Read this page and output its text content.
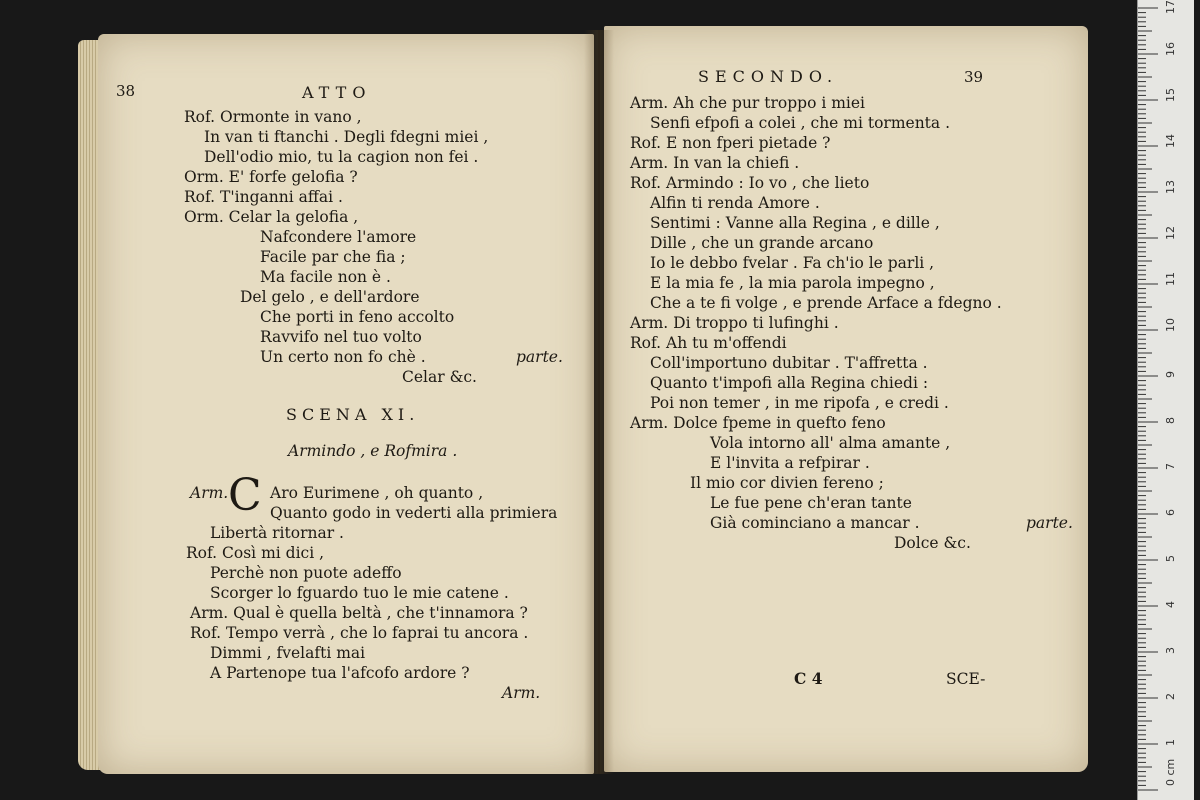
38	ATTO
Rof. Ormonte in vano ,
In van ti ftanchi . Degli fdegni miei ,
Dell'odio mio, tu la cagion non fei .
Orm. E' forfe gelofia ?
Rof. T'inganni affai .
Orm. Celar la gelofia ,
Nafcondere l'amore
Facile par che fia ;
Ma facile non è .
Del gelo , e dell'ardore
Che porti in feno accolto
Ravvifo nel tuo volto
Un certo non fo chè .	parte.
Celar &c.
SCENA XI.
Armindo , e Rofmira .
Arm. C Aro Eurimene , oh quanto ,
Quanto godo in vederti alla primiera
Libertà ritornar .
Rof. Così mi dici ,
Perchè non puote adeffo
Scorger lo fguardo tuo le mie catene .
Arm. Qual è quella beltà , che t'innamora ?
Rof. Tempo verrà , che lo faprai tu ancora .
Dimmi , fvelafti mai
A Partenope tua l'afcofo ardore ?
Arm.
SECONDO.	39
Arm. Ah che pur troppo i miei
Senfi efpofi a colei , che mi tormenta .
Rof. E non fperi pietade ?
Arm. In van la chiefi .
Rof. Armindo : Io vo , che lieto
Alfin ti renda Amore .
Sentimi : Vanne alla Regina , e dille ,
Dille , che un grande arcano
Io le debbo fvelar . Fa ch'io le parli ,
E la mia fe , la mia parola impegno ,
Che a te fi volge , e prende Arface a fdegno .
Arm. Di troppo ti lufinghi .
Rof. Ah tu m'offendi
Coll'importuno dubitar . T'affretta .
Quanto t'impofi alla Regina chiedi :
Poi non temer , in me ripofa , e credi .
Arm. Dolce fpeme in quefto feno
Vola intorno all' alma amante ,
E l'invita a refpirar .
Il mio cor divien fereno ;
Le fue pene ch'eran tante
Già cominciano a mancar .	parte.
Dolce &c.
C 4	SCE-
0 cm
1
2
3
4
5
6
7
8
9
10
11
12
13
14
15
16
17
